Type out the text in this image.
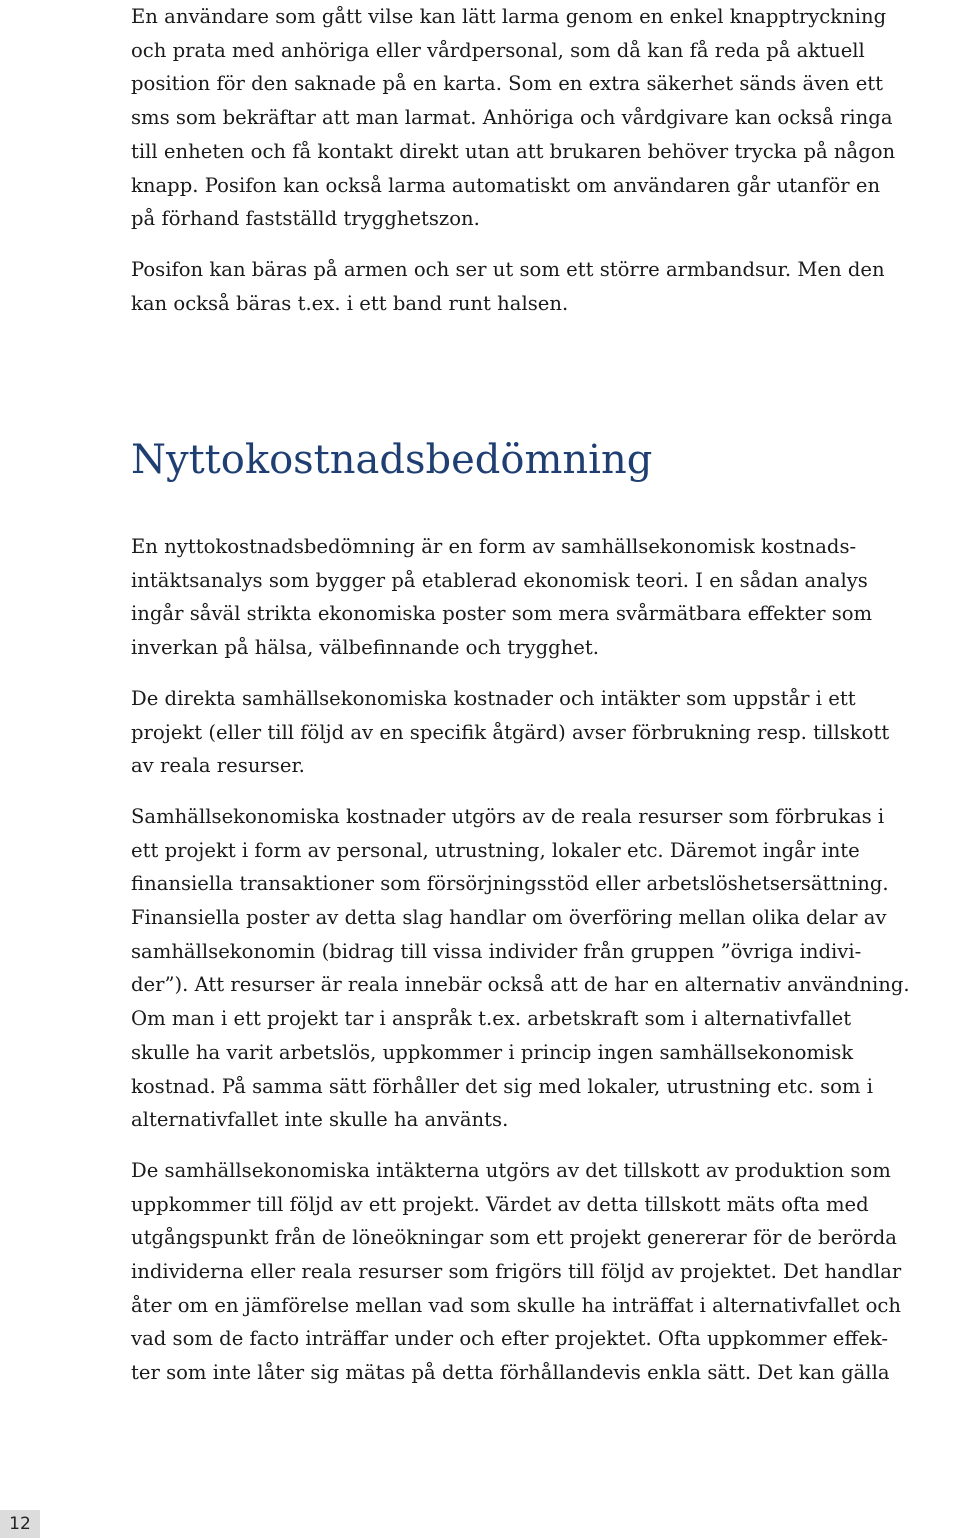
En användare som gått vilse kan lätt larma genom en enkel knapptryckning
och prata med anhöriga eller vårdpersonal, som då kan få reda på aktuell
position för den saknade på en karta. Som en extra säkerhet sänds även ett
sms som bekräftar att man larmat. Anhöriga och vårdgivare kan också ringa
till enheten och få kontakt direkt utan att brukaren behöver trycka på någon
knapp. Posifon kan också larma automatiskt om användaren går utanför en
på förhand fastställd trygghetszon.

Posifon kan bäras på armen och ser ut som ett större armbandsur. Men den
kan också bäras t.ex. i ett band runt halsen.

Nyttokostnadsbedömning

En nyttokostnadsbedömning är en form av samhällsekonomisk kostnads-
intäktsanalys som bygger på etablerad ekonomisk teori. I en sådan analys
ingår såväl strikta ekonomiska poster som mera svårmätbara effekter som
inverkan på hälsa, välbefinnande och trygghet.

De direkta samhällsekonomiska kostnader och intäkter som uppstår i ett
projekt (eller till följd av en specifik åtgärd) avser förbrukning resp. tillskott
av reala resurser.

Samhällsekonomiska kostnader utgörs av de reala resurser som förbrukas i
ett projekt i form av personal, utrustning, lokaler etc. Däremot ingår inte
finansiella transaktioner som försörjningsstöd eller arbetslöshetsersättning.
Finansiella poster av detta slag handlar om överföring mellan olika delar av
samhällsekonomin (bidrag till vissa individer från gruppen ”övriga indivi-
der”). Att resurser är reala innebär också att de har en alternativ användning.
Om man i ett projekt tar i anspråk t.ex. arbetskraft som i alternativfallet
skulle ha varit arbetslös, uppkommer i princip ingen samhällsekonomisk
kostnad. På samma sätt förhåller det sig med lokaler, utrustning etc. som i
alternativfallet inte skulle ha använts.

De samhällsekonomiska intäkterna utgörs av det tillskott av produktion som
uppkommer till följd av ett projekt. Värdet av detta tillskott mäts ofta med
utgångspunkt från de löneökningar som ett projekt genererar för de berörda
individerna eller reala resurser som frigörs till följd av projektet. Det handlar
åter om en jämförelse mellan vad som skulle ha inträffat i alternativfallet och
vad som de facto inträffar under och efter projektet. Ofta uppkommer effek-
ter som inte låter sig mätas på detta förhållandevis enkla sätt. Det kan gälla

12
